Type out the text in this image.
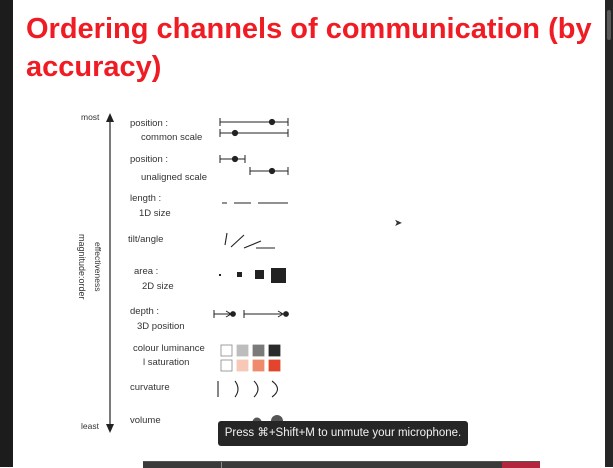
Ordering channels of communication (by accuracy)
most
least
effectiveness
magnitude:order
position :
common scale
position :
unaligned scale
length :
1D size
tilt/angle
area :
2D size
depth :
3D position
colour luminance
l saturation
curvature
volume
➤
Press ⌘+Shift+M to unmute your microphone.
